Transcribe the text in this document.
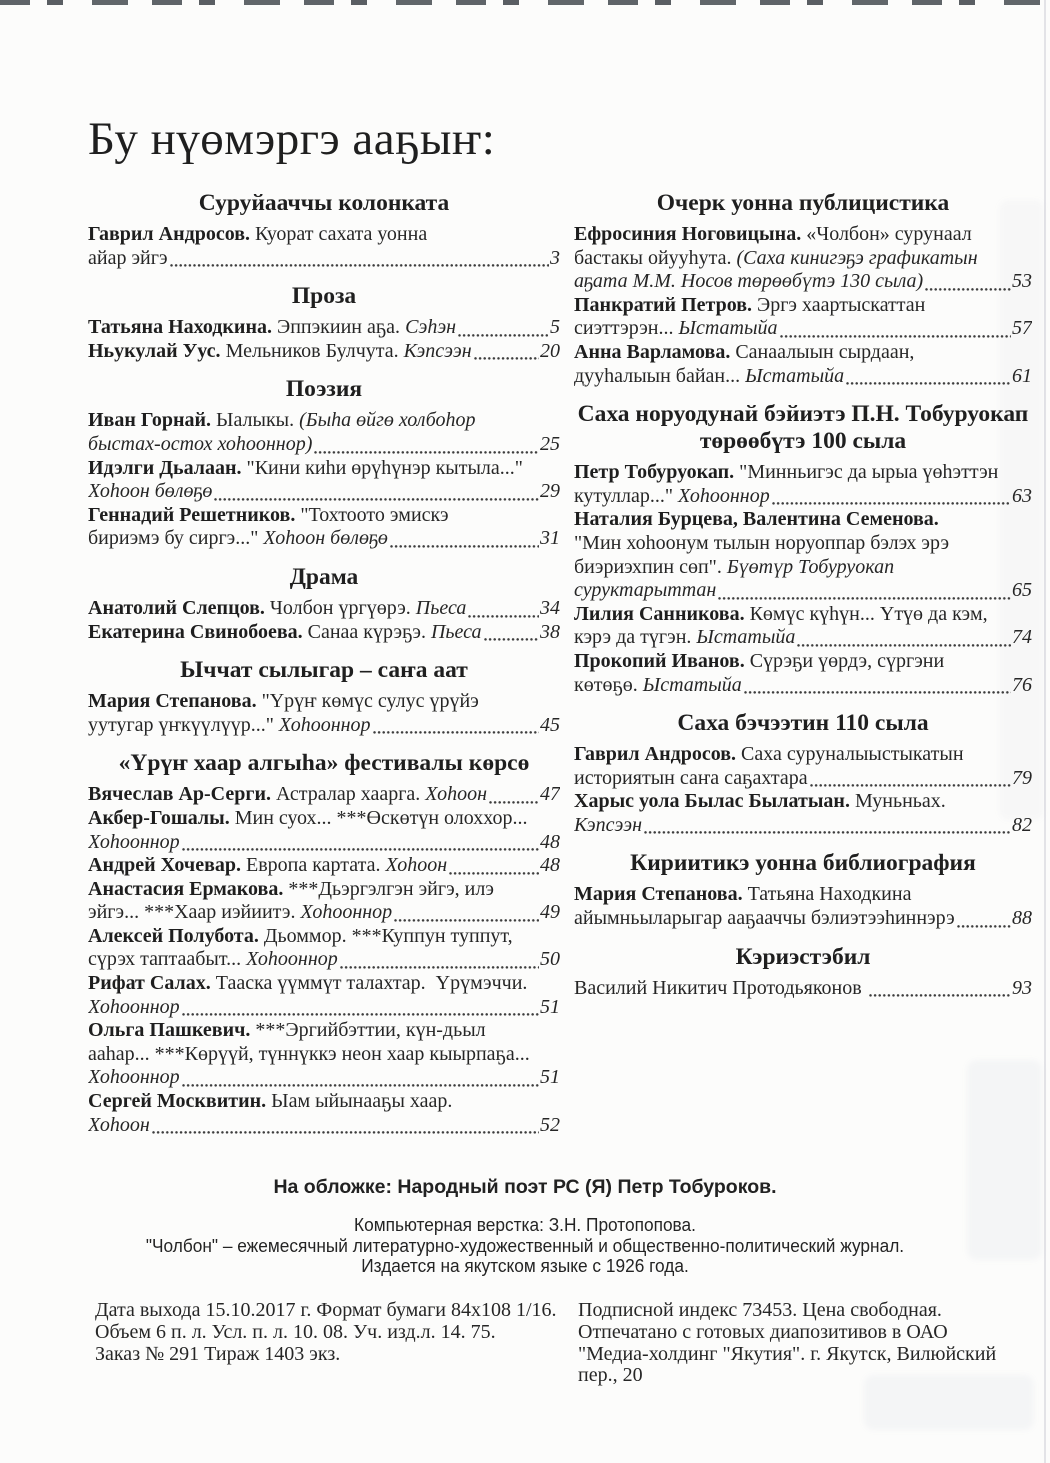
Бу нүөмэргэ ааҕыҥ:
Суруйааччы колонката
Гаврил Андросов. Куорат сахата уонна
айар эйгэ	3
Проза
Татьяна Находкина. Эппэкиин аҕа. Сэһэн	5
Ньукулай Уус. Мельников Булчута. Кэпсээн	20
Поэзия
Иван Горнай. Ыалыкы. (Быһа өйгө холбоһор
быстах-остох хоһооннор)	25
Идэлги Дьалаан. "Кини киһи өрүһүнэр кытыла..."
Хоһоон бөлөҕө	29
Геннадий Решетников. "Тохтоото эмискэ
бириэмэ бу сиргэ..." Хоһоон бөлөҕө	31
Драма
Анатолий Слепцов. Чолбон үргүөрэ. Пьеса	34
Екатерина Свинобоева. Санаа күрэҕэ. Пьеса	38
Ыччат сылыгар – саҥа аат
Мария Степанова. "Үрүҥ көмүс сулус үрүйэ
уутугар үҥкүүлүүр..." Хоһооннор	45
«Үрүҥ хаар алгыһа» фестивалы көрсө
Вячеслав Ар-Серги. Астралар хаарга. Хоһоон	47
Акбер-Гошалы. Мин суох... ***Өскөтүн олоххор...
Хоһооннор	48
Андрей Хочевар. Европа картата. Хоһоон	48
Анастасия Ермакова. ***Дьэргэлгэн эйгэ, илэ
эйгэ... ***Хаар иэйиитэ. Хоһооннор	49
Алексей Полубота. Дьоммор. ***Куппун туппут,
сүрэх таптаабыт... Хоһооннор	50
Рифат Салах. Тааска үүммүт талахтар.  Үрүмэччи.
Хоһооннор	51
Ольга Пашкевич. ***Эргийбэттии, күн-дьыл
ааһар... ***Көрүүй, түннүккэ неон хаар кыырпаҕа...
Хоһооннор	51
Сергей Москвитин. Ыам ыйынааҕы хаар.
Хоһоон	52
Очерк уонна публицистика
Ефросиния Ноговицына. «Чолбон» сурунаал
бастакы ойууһута. (Саха кинигэҕэ графикатын
аҕата М.М. Носов төрөөбүтэ 130 сыла)	53
Панкратий Петров. Эргэ хаартыскаттан
сиэттэрэн... Ыстатыйа	57
Анна Варламова. Санаалыын сырдаан,
дууһалыын байан... Ыстатыйа	61
Саха норуодунай бэйиэтэ П.Н. Тобуруокап
төрөөбүтэ 100 сыла
Петр Тобуруокап. "Минньигэс да ырыа үөһэттэн
кутуллар..." Хоһооннор	63
Наталия Бурцева, Валентина Семенова.
"Мин хоһоонум тылын норуоппар бэлэх эрэ
биэриэхпин сөп". Бүөтүр Тобуруокап
суруктарыттан	65
Лилия Санникова. Көмүс күһүн... Үтүө да кэм,
кэрэ да түгэн. Ыстатыйа	74
Прокопий Иванов. Сүрэҕи үөрдэ, сүргэни
көтөҕө. Ыстатыйа	76
Саха бэчээтин 110 сыла
Гаврил Андросов. Саха суруналыыстыкатын
историятын саҥа саҕахтара	79
Харыс уола Былас Былатыан. Муньньах.
Кэпсээн	82
Кириитикэ уонна библиография
Мария Степанова. Татьяна Находкина
айымньыларыгар ааҕааччы бэлиэтээһиннэрэ	88
Кэриэстэбил
Василий Никитич Протодьяконов	93
На обложке: Народный поэт РС (Я) Петр Тобуроков.
Компьютерная верстка: З.Н. Протопопова.
"Чолбон" – ежемесячный литературно-художественный и общественно-политический журнал.
Издается на якутском языке с 1926 года.
Дата выхода 15.10.2017 г. Формат бумаги 84х108 1/16.
Объем 6 п. л. Усл. п. л. 10. 08. Уч. изд.л. 14. 75.
Заказ № 291 Тираж 1403 экз.
Подписной индекс 73453. Цена свободная.
Отпечатано с готовых диапозитивов в ОАО
"Медиа-холдинг "Якутия". г. Якутск, Вилюйский пер., 20
